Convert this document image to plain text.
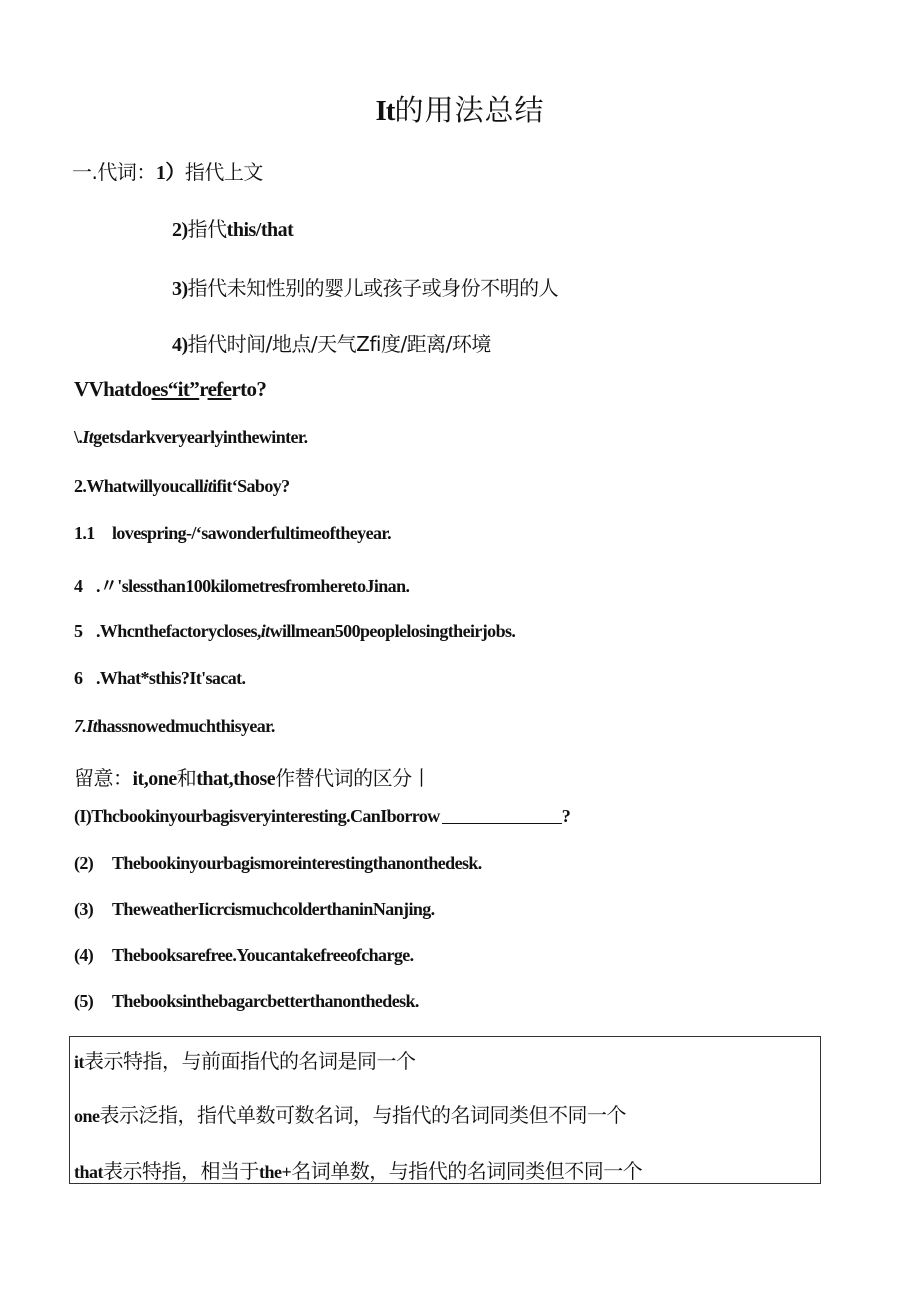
It的用法总结
一.代词：1）指代上文
2)指代this/that
3)指代未知性别的婴儿或孩子或身份不明的人
4)指代时间/地点/天气Zfi度/距离/环境
VVhatdoes“it”referto?
\.Itgetsdarkveryearlyinthewinter.
2.Whatwillyoucallitifit‘Saboy?
1.1 lovespring-/‘sawonderfultimeoftheyear.
4 .〃'slessthan100kilometresfromheretoJinan.
5 .Whcnthefactorycloses,itwillmean500peoplelosingtheirjobs.
6 .What*sthis?It'sacat.
7.Ithassnowedmuchthisyear.
留意：it,one和that,those作替代词的区分丨
(I)Thcbookinyourbagisveryinteresting.CanIborrow	?
(2) Thebookinyourbagismoreinterestingthanonthedesk.
(3) TheweatherIicrcismuchcolderthaninNanjing.
(4) Thebooksarefree.Youcantakefreeofcharge.
(5) Thebooksinthebagarcbetterthanonthedesk.
it表示特指，与前面指代的名词是同一个
one表示泛指，指代单数可数名词，与指代的名词同类但不同一个
that表示特指，相当于the+名词单数，与指代的名词同类但不同一个
